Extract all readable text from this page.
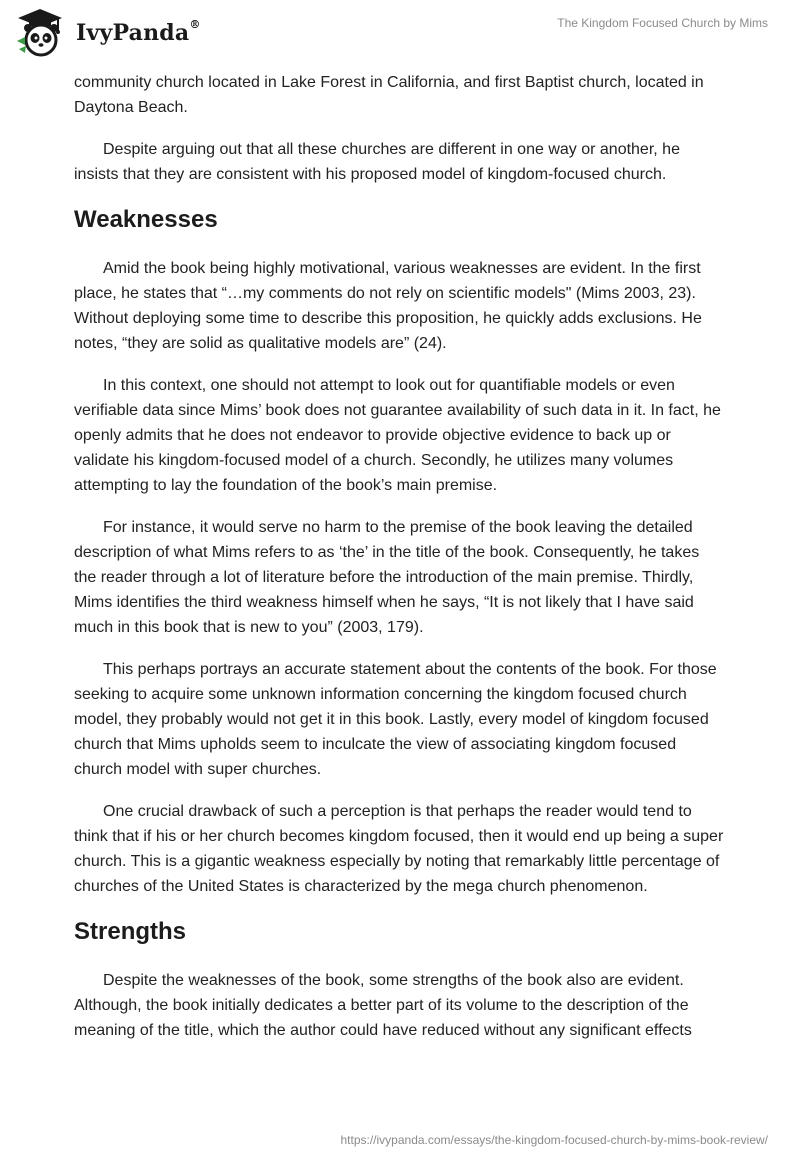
IvyPanda®	The Kingdom Focused Church by Mims

community church located in Lake Forest in California, and first Baptist church, located in Daytona Beach.

Despite arguing out that all these churches are different in one way or another, he insists that they are consistent with his proposed model of kingdom-focused church.

Weaknesses

Amid the book being highly motivational, various weaknesses are evident. In the first place, he states that “…my comments do not rely on scientific models" (Mims 2003, 23). Without deploying some time to describe this proposition, he quickly adds exclusions. He notes, “they are solid as qualitative models are” (24).

In this context, one should not attempt to look out for quantifiable models or even verifiable data since Mims’ book does not guarantee availability of such data in it. In fact, he openly admits that he does not endeavor to provide objective evidence to back up or validate his kingdom-focused model of a church. Secondly, he utilizes many volumes attempting to lay the foundation of the book’s main premise.

For instance, it would serve no harm to the premise of the book leaving the detailed description of what Mims refers to as ‘the’ in the title of the book. Consequently, he takes the reader through a lot of literature before the introduction of the main premise. Thirdly, Mims identifies the third weakness himself when he says, “It is not likely that I have said much in this book that is new to you” (2003, 179).

This perhaps portrays an accurate statement about the contents of the book. For those seeking to acquire some unknown information concerning the kingdom focused church model, they probably would not get it in this book. Lastly, every model of kingdom focused church that Mims upholds seem to inculcate the view of associating kingdom focused church model with super churches.

One crucial drawback of such a perception is that perhaps the reader would tend to think that if his or her church becomes kingdom focused, then it would end up being a super church. This is a gigantic weakness especially by noting that remarkably little percentage of churches of the United States is characterized by the mega church phenomenon.

Strengths

Despite the weaknesses of the book, some strengths of the book also are evident. Although, the book initially dedicates a better part of its volume to the description of the meaning of the title, which the author could have reduced without any significant effects

https://ivypanda.com/essays/the-kingdom-focused-church-by-mims-book-review/
